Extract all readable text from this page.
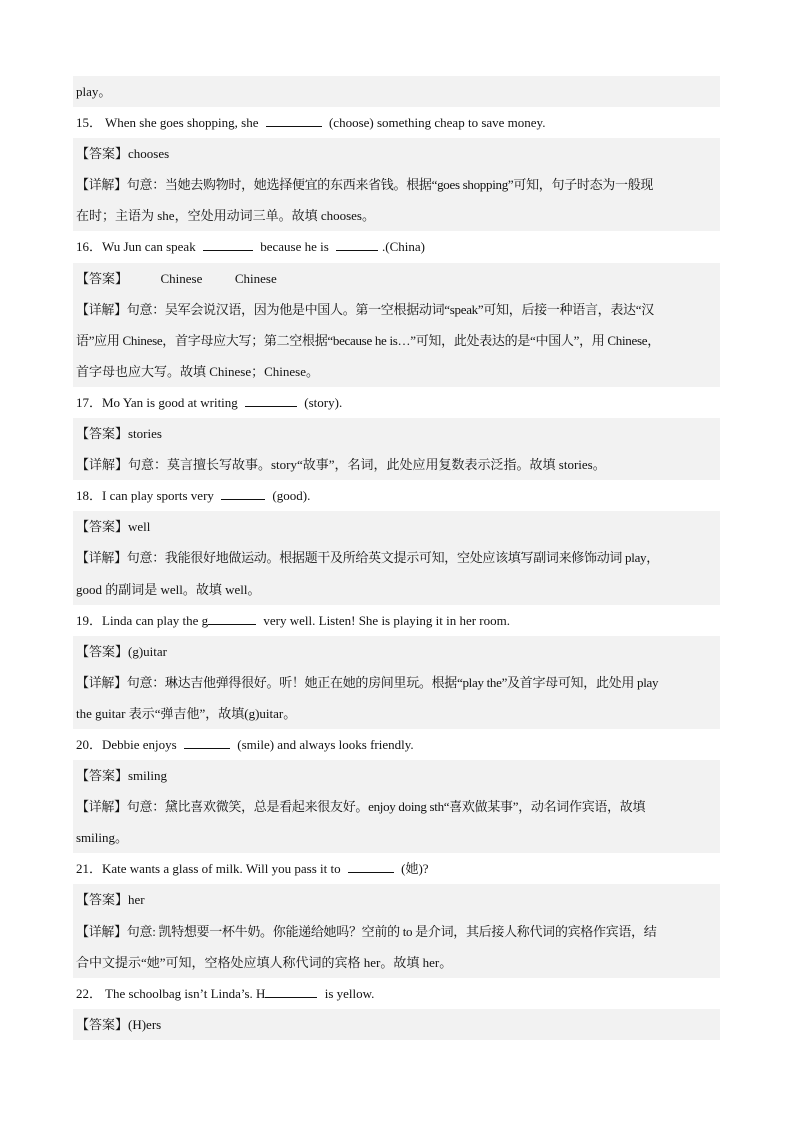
play。
15． When she goes shopping, she	(choose) something cheap to save money.
【答案】chooses
【详解】句意：当她去购物时，她选择便宜的东西来省钱。根据“goes shopping”可知，句子时态为一般现
在时；主语为 she，空处用动词三单。故填 chooses。
16．Wu Jun can speak	because he is	.(China)
【答案】          Chinese          Chinese
【详解】句意：吴军会说汉语，因为他是中国人。第一空根据动词“speak”可知，后接一种语言，表达“汉
语”应用 Chinese，首字母应大写；第二空根据“because he is…”可知，此处表达的是“中国人”，用 Chinese，
首字母也应大写。故填 Chinese；Chinese。
17．Mo Yan is good at writing	(story).
【答案】stories
【详解】句意：莫言擅长写故事。story“故事”，名词，此处应用复数表示泛指。故填 stories。
18．I can play sports very	(good).
【答案】well
【详解】句意：我能很好地做运动。根据题干及所给英文提示可知，空处应该填写副词来修饰动词 play，
good 的副词是 well。故填 well。
19．Linda can play the g	very well. Listen! She is playing it in her room.
【答案】(g)uitar
【详解】句意：琳达吉他弹得很好。听！她正在她的房间里玩。根据“play the”及首字母可知，此处用 play
the guitar 表示“弹吉他”，故填(g)uitar。
20．Debbie enjoys	(smile) and always looks friendly.
【答案】smiling
【详解】句意：黛比喜欢微笑，总是看起来很友好。enjoy doing sth“喜欢做某事”，动名词作宾语，故填
smiling。
21．Kate wants a glass of milk. Will you pass it to	(她)?
【答案】her
【详解】句意: 凯特想要一杯牛奶。你能递给她吗？空前的 to 是介词，其后接人称代词的宾格作宾语，结
合中文提示“她”可知，空格处应填人称代词的宾格 her。故填 her。
22． The schoolbag isn’t Linda’s. H	is yellow.
【答案】(H)ers
